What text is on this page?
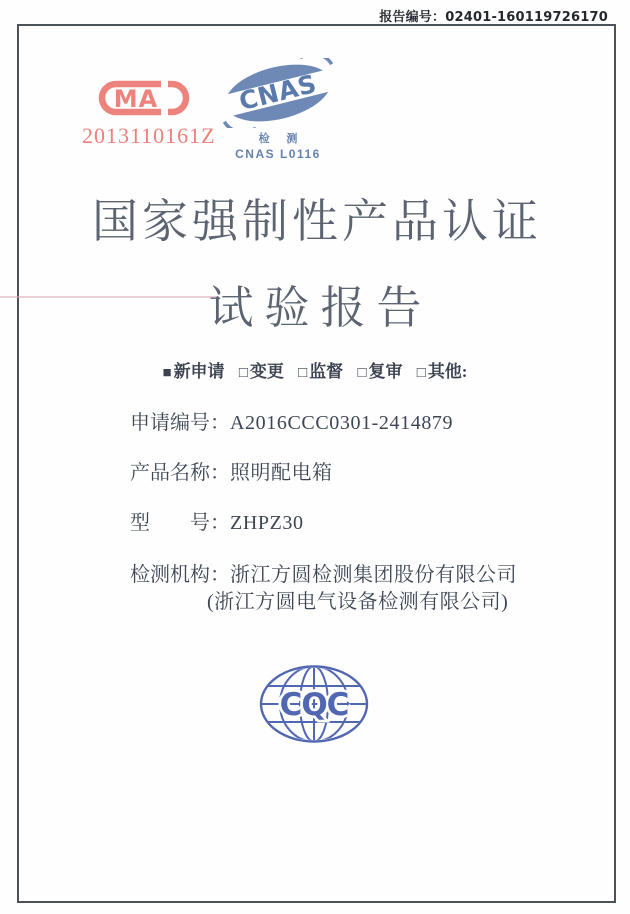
报告编号：02401-160119726170
MA
2013110161Z
CNAS
检 测
CNAS L0116
国家强制性产品认证
试验报告
■ 新申请 □ 变更 □ 监督 □ 复审 □ 其他:
申请编号：A2016CCC0301-2414879
产品名称：照明配电箱
型　　号：ZHPZ30
检测机构：浙江方圆检测集团股份有限公司
(浙江方圆电气设备检测有限公司)
CQC
